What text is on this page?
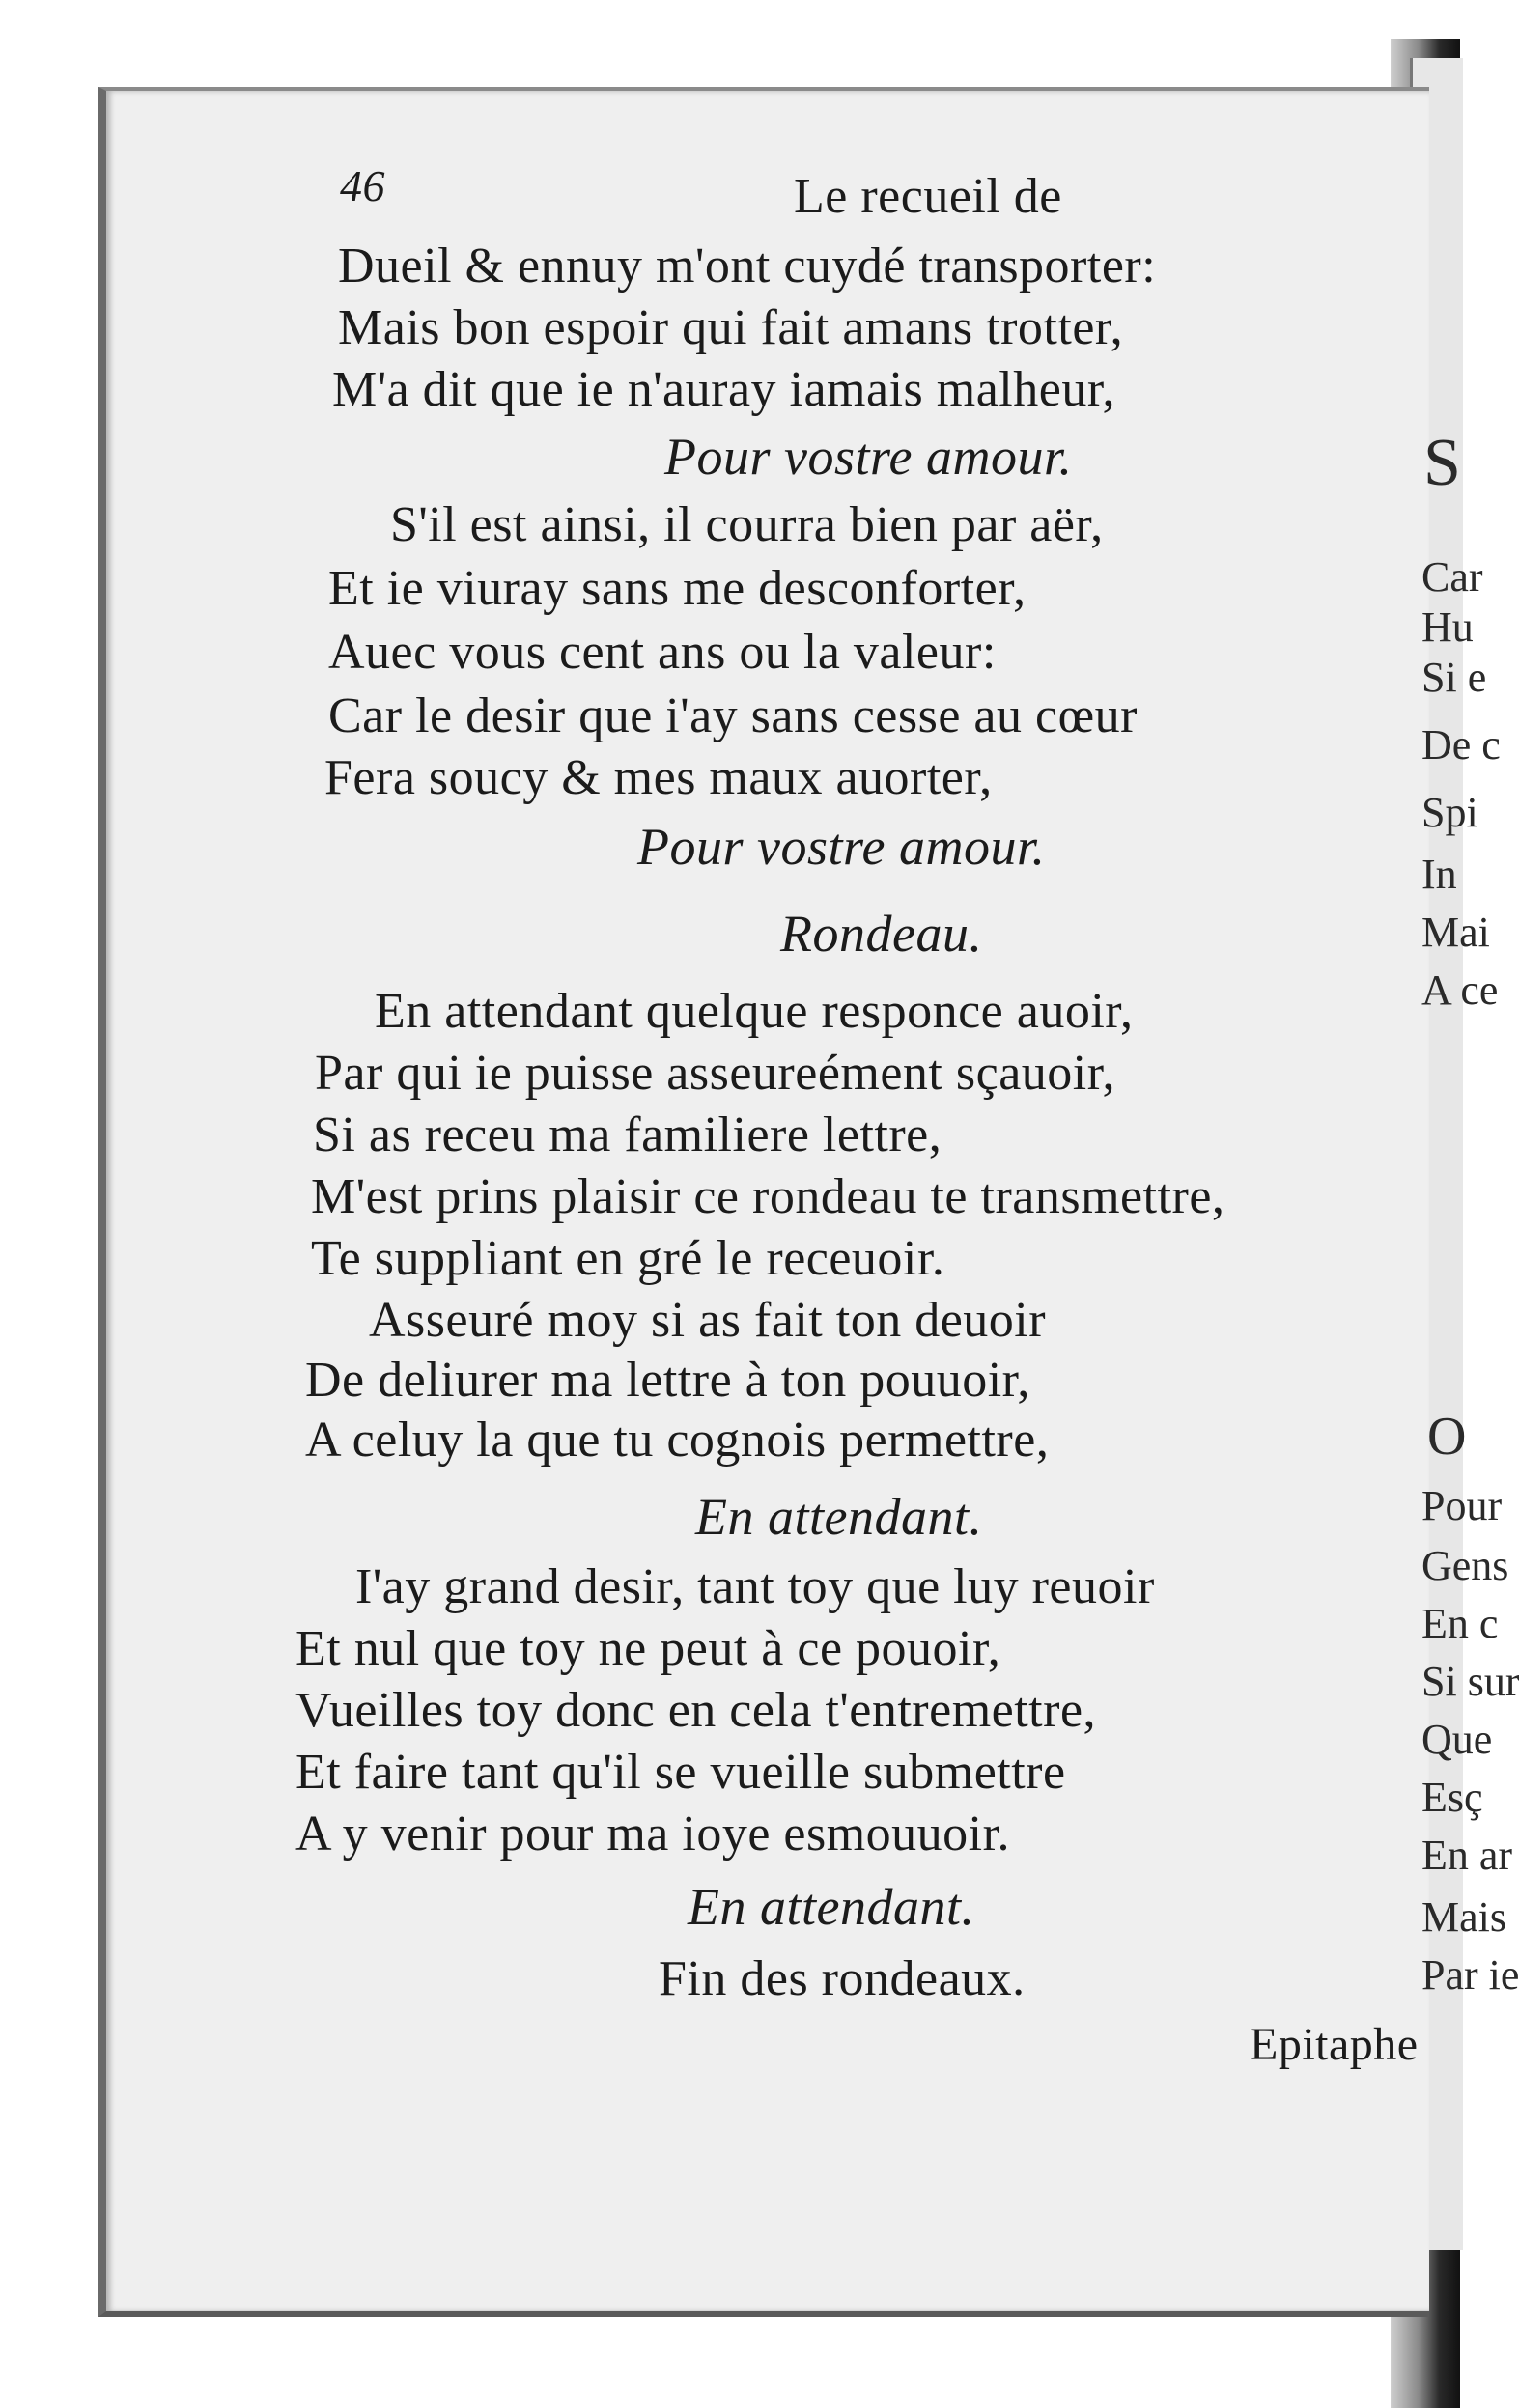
46	Le recueil de
Dueil & ennuy m'ont cuydé transporter:
Mais bon espoir qui fait amans trotter,
M'a dit que ie n'auray iamais malheur,
Pour vostre amour.
S'il est ainsi, il courra bien par aër,
Et ie viuray sans me desconforter,
Auec vous cent ans ou la valeur:
Car le desir que i'ay sans cesse au cœur
Fera soucy & mes maux auorter,
Pour vostre amour.
Rondeau.
En attendant quelque responce auoir,
Par qui ie puisse asseureément sçauoir,
Si as receu ma familiere lettre,
M'est prins plaisir ce rondeau te transmettre,
Te suppliant en gré le receuoir.
Asseuré moy si as fait ton deuoir
De deliurer ma lettre à ton pouuoir,
A celuy la que tu cognois permettre,
En attendant.
I'ay grand desir, tant toy que luy reuoir
Et nul que toy ne peut à ce pouoir,
Vueilles toy donc en cela t'entremettre,
Et faire tant qu'il se vueille submettre
A y venir pour ma ioye esmouuoir.
En attendant.
Fin des rondeaux.
Epitaphe
S
Car
Hu
Si e
De c
Spi
In
Mai
A ce
O
Pour
Gens
En c
Si sur
Que
Esç
En ar
Mais
Par ie
